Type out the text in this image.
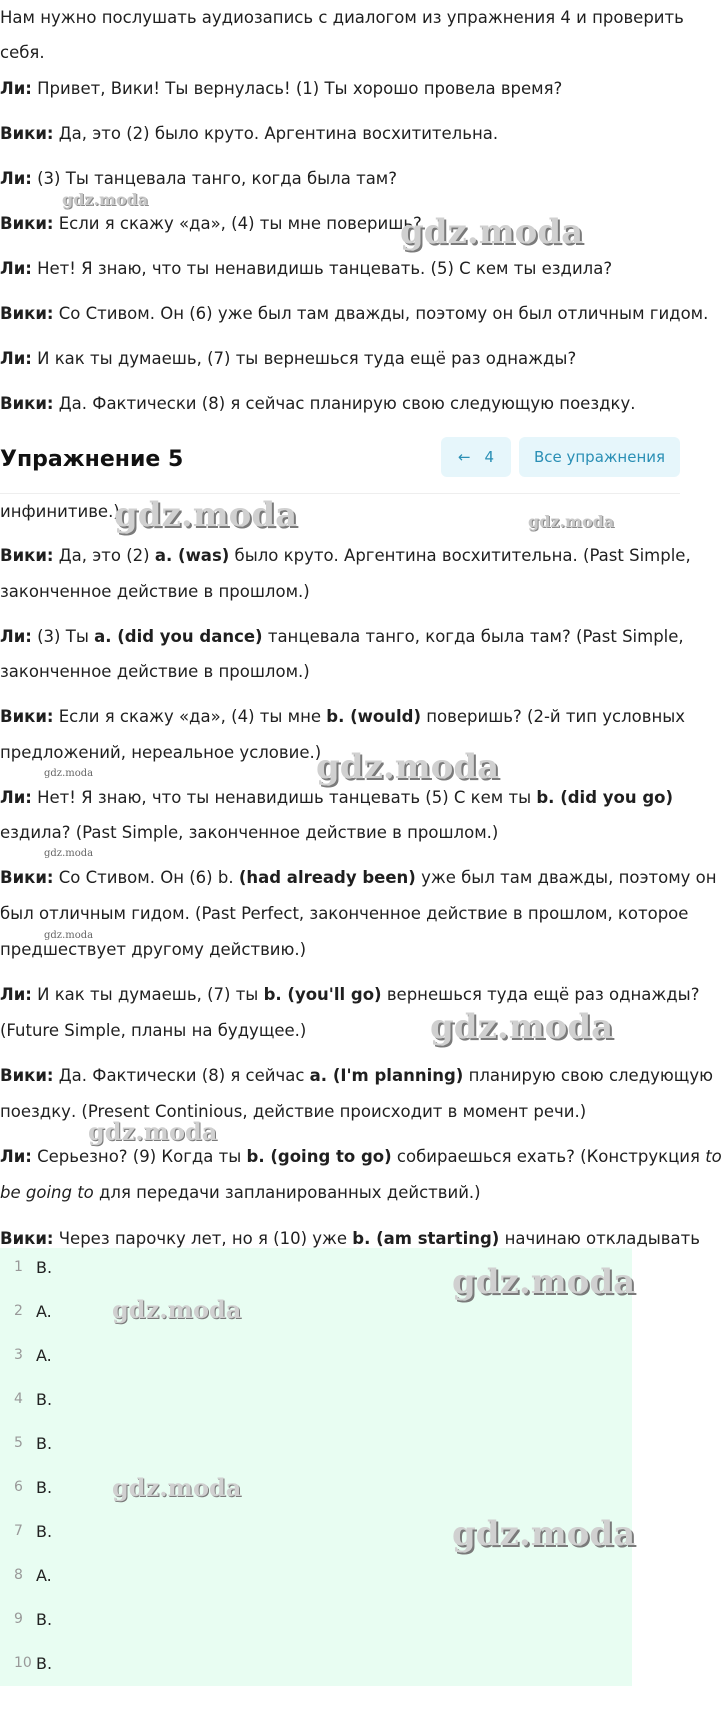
Нам нужно послушать аудиозапись с диалогом из упражнения 4 и проверить
себя.
Ли: Привет, Вики! Ты вернулась! (1) Ты хорошо провела время?
Вики: Да, это (2) было круто. Аргентина восхитительна.
Ли: (3) Ты танцевала танго, когда была там?
Вики: Если я скажу «да», (4) ты мне поверишь?
Ли: Нет! Я знаю, что ты ненавидишь танцевать. (5) С кем ты ездила?
Вики: Со Стивом. Он (6) уже был там дважды, поэтому он был отличным гидом.
Ли: И как ты думаешь, (7) ты вернешься туда ещё раз однажды?
Вики: Да. Фактически (8) я сейчас планирую свою следующую поездку.
Упражнение 5	← 4	Все упражнения
инфинитиве.)
Вики: Да, это (2) a. (was) было круто. Аргентина восхитительна. (Past Simple,
законченное действие в прошлом.)
Ли: (3) Ты a. (did you dance) танцевала танго, когда была там? (Past Simple,
законченное действие в прошлом.)
Вики: Если я скажу «да», (4) ты мне b. (would) поверишь? (2-й тип условных
предложений, нереальное условие.)
Ли: Нет! Я знаю, что ты ненавидишь танцевать (5) С кем ты b. (did you go)
ездила? (Past Simple, законченное действие в прошлом.)
Вики: Со Стивом. Он (6) b. (had already been) уже был там дважды, поэтому он
был отличным гидом. (Past Perfect, законченное действие в прошлом, которое
предшествует другому действию.)
Ли: И как ты думаешь, (7) ты b. (you'll go) вернешься туда ещё раз однажды?
(Future Simple, планы на будущее.)
Вики: Да. Фактически (8) я сейчас a. (I'm planning) планирую свою следующую
поездку. (Present Continious, действие происходит в момент речи.)
Ли: Серьезно? (9) Когда ты b. (going to go) собираешься ехать? (Конструкция to
be going to для передачи запланированных действий.)
Вики: Через парочку лет, но я (10) уже b. (am starting) начинаю откладывать
1 B.
2 A.
3 A.
4 B.
5 B.
6 B.
7 B.
8 A.
9 B.
10 B.
gdz.moda
gdz.moda
gdz.moda	gdz.moda
gdz.moda
gdz.moda
gdz.moda
gdz.moda
gdz.moda
gdz.moda
gdz.moda
gdz.moda
gdz.moda
gdz.moda
